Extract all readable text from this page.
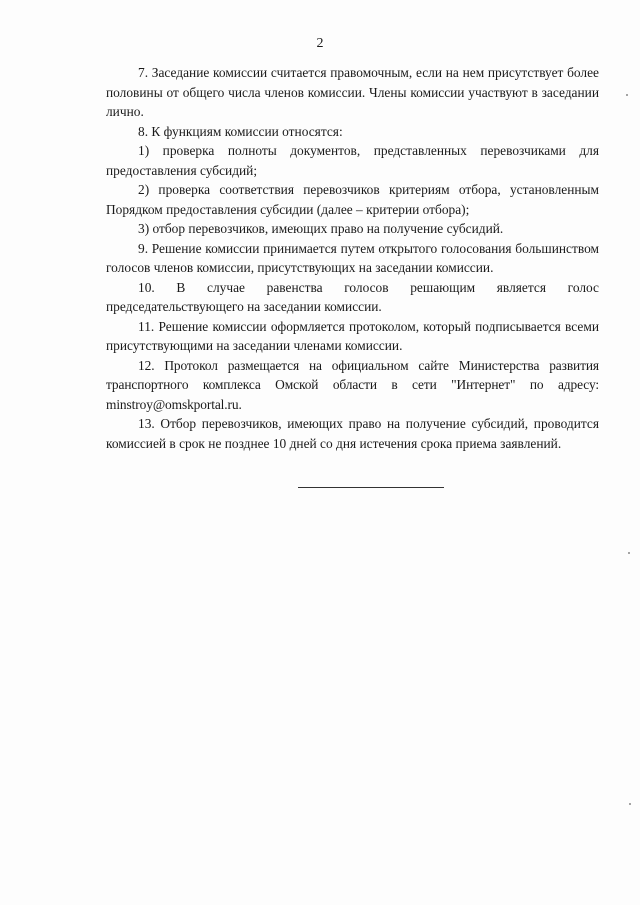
2

7. Заседание комиссии считается правомочным, если на нем присутствует более половины от общего числа членов комиссии. Члены комиссии участвуют в заседании лично.

8. К функциям комиссии относятся:

1) проверка полноты документов, представленных перевозчиками для предоставления субсидий;

2) проверка соответствия перевозчиков критериям отбора, установленным Порядком предоставления субсидии (далее – критерии отбора);

3) отбор перевозчиков, имеющих право на получение субсидий.

9. Решение комиссии принимается путем открытого голосования большинством голосов членов комиссии, присутствующих на заседании комиссии.

10. В случае равенства голосов решающим является голос председательствующего на заседании комиссии.

11. Решение комиссии оформляется протоколом, который подписывается всеми присутствующими на заседании членами комиссии.

12. Протокол размещается на официальном сайте Министерства развития транспортного комплекса Омской области в сети "Интернет" по адресу: minstroy@omskportal.ru.

13. Отбор перевозчиков, имеющих право на получение субсидий, проводится комиссией в срок не позднее 10 дней со дня истечения срока приема заявлений.
